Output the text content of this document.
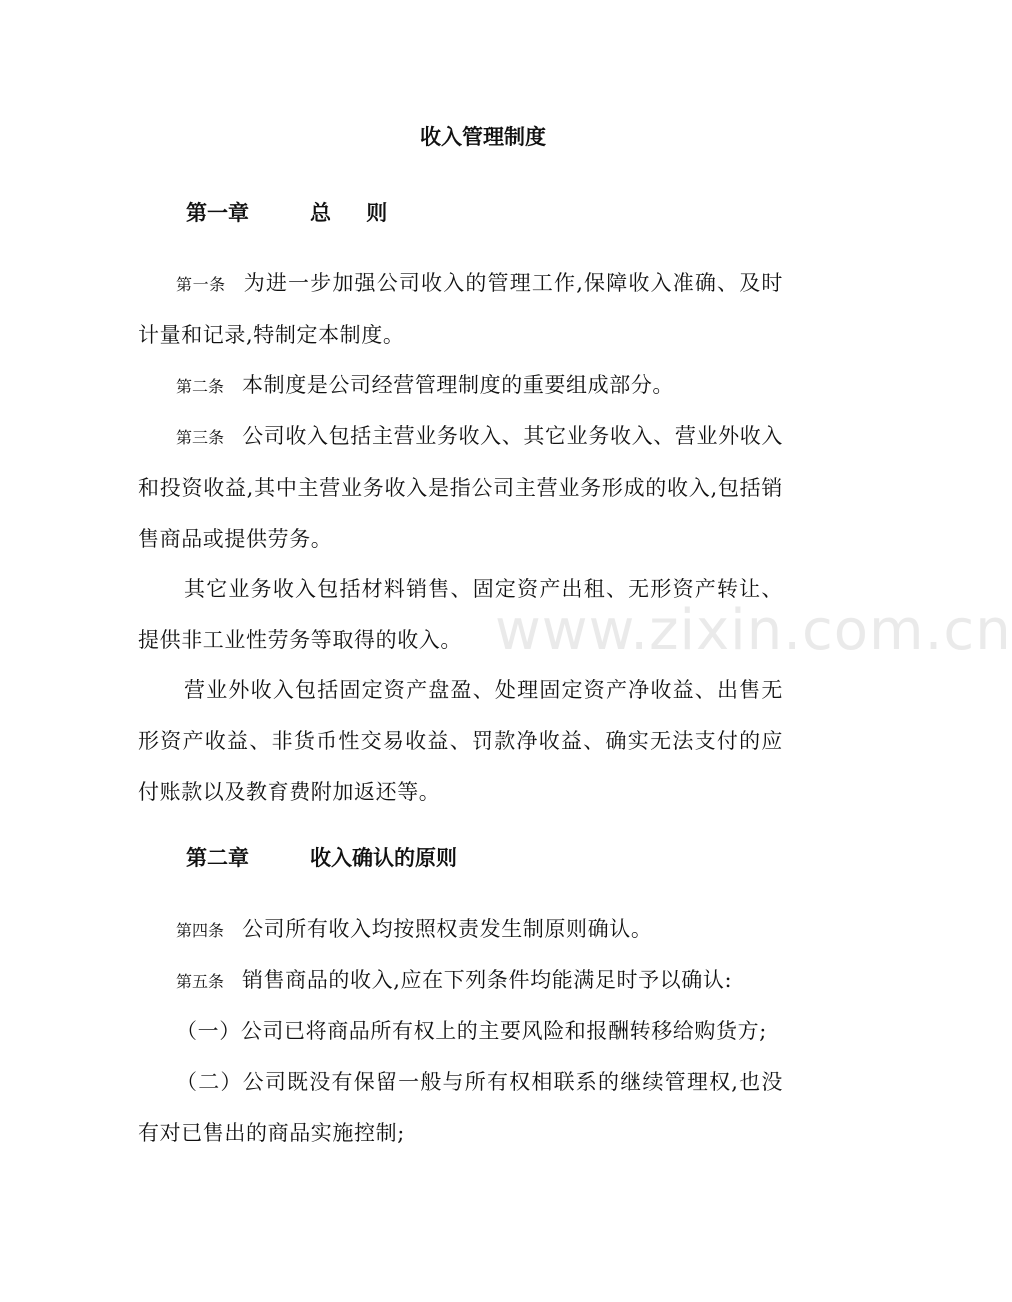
收入管理制度
第一章	总 则
第一条 为进一步加强公司收入的管理工作,保障收入准确、及时计量和记录,特制定本制度。
第二条 本制度是公司经营管理制度的重要组成部分。
第三条 公司收入包括主营业务收入、其它业务收入、营业外收入和投资收益,其中主营业务收入是指公司主营业务形成的收入,包括销售商品或提供劳务。
其它业务收入包括材料销售、固定资产出租、无形资产转让、提供非工业性劳务等取得的收入。
营业外收入包括固定资产盘盈、处理固定资产净收益、出售无形资产收益、非货币性交易收益、罚款净收益、确实无法支付的应付账款以及教育费附加返还等。
第二章	收入确认的原则
第四条 公司所有收入均按照权责发生制原则确认。
第五条 销售商品的收入,应在下列条件均能满足时予以确认:
（一）公司已将商品所有权上的主要风险和报酬转移给购货方;
（二）公司既没有保留一般与所有权相联系的继续管理权,也没有对已售出的商品实施控制;
www.zixin.com.cn
